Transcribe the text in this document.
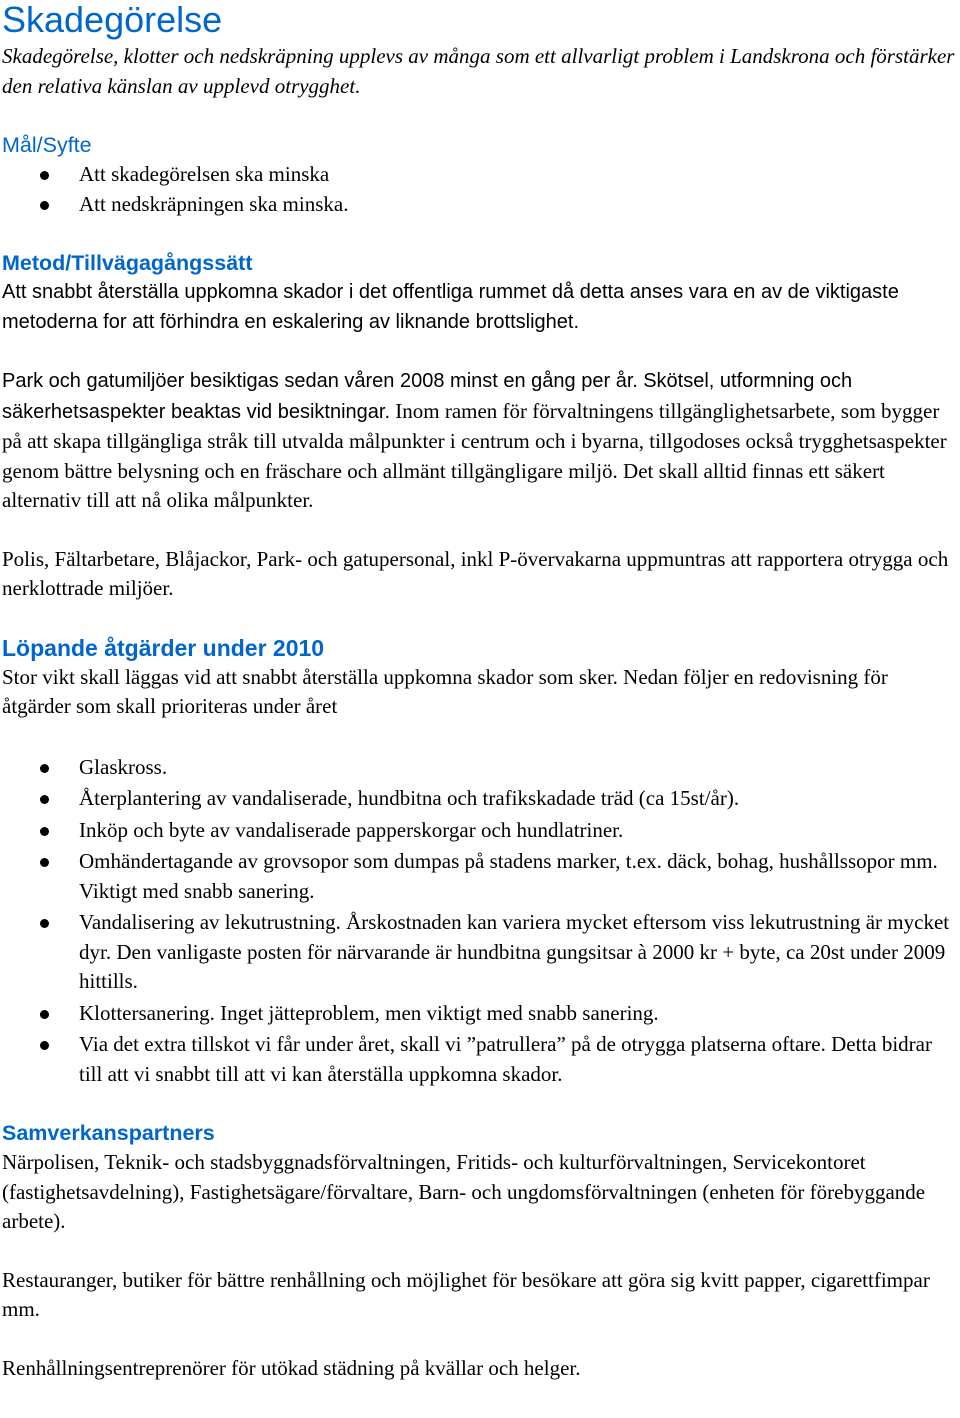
Skadegörelse

Skadegörelse, klotter och nedskräpning upplevs av många som ett allvarligt problem i Landskrona och förstärker den relativa känslan av upplevd otrygghet.

Mål/Syfte
Att skadegörelsen ska minska
Att nedskräpningen ska minska.
Metod/Tillvägagångssätt

Att snabbt återställa uppkomna skador i det offentliga rummet då detta anses vara en av de viktigaste metoderna for att förhindra en eskalering av liknande brottslighet.

Park och gatumiljöer besiktigas sedan våren 2008 minst en gång per år. Skötsel, utformning och säkerhetsaspekter beaktas vid besiktningar. Inom ramen för förvaltningens tillgänglighetsarbete, som bygger på att skapa tillgängliga stråk till utvalda målpunkter i centrum och i byarna, tillgodoses också trygghetsaspekter genom bättre belysning och en fräschare och allmänt tillgängligare miljö. Det skall alltid finnas ett säkert alternativ till att nå olika målpunkter.

Polis, Fältarbetare, Blåjackor, Park- och gatupersonal, inkl P-övervakarna uppmuntras att rapportera otrygga och nerklottrade miljöer.

Löpande åtgärder under 2010

Stor vikt skall läggas vid att snabbt återställa uppkomna skador som sker. Nedan följer en redovisning för åtgärder som skall prioriteras under året

Glaskross.
Återplantering av vandaliserade, hundbitna och trafikskadade träd (ca 15st/år).
Inköp och byte av vandaliserade papperskorgar och hundlatriner.
Omhändertagande av grovsopor som dumpas på stadens marker, t.ex. däck, bohag, hushållssopor mm. Viktigt med snabb sanering.
Vandalisering av lekutrustning. Årskostnaden kan variera mycket eftersom viss lekutrustning är mycket dyr. Den vanligaste posten för närvarande är hundbitna gungsitsar à 2000 kr + byte, ca 20st under 2009 hittills.
Klottersanering. Inget jätteproblem, men viktigt med snabb sanering.
Via det extra tillskot vi får under året, skall vi ”patrullera” på de otrygga platserna oftare. Detta bidrar till att vi snabbt till att vi kan återställa uppkomna skador.
Samverkanspartners

Närpolisen, Teknik- och stadsbyggnadsförvaltningen, Fritids- och kulturförvaltningen, Servicekontoret (fastighetsavdelning), Fastighetsägare/förvaltare, Barn- och ungdomsförvaltningen (enheten för förebyggande arbete).

Restauranger, butiker för bättre renhållning och möjlighet för besökare att göra sig kvitt papper, cigarettfimpar mm.

Renhållningsentreprenörer för utökad städning på kvällar och helger.
